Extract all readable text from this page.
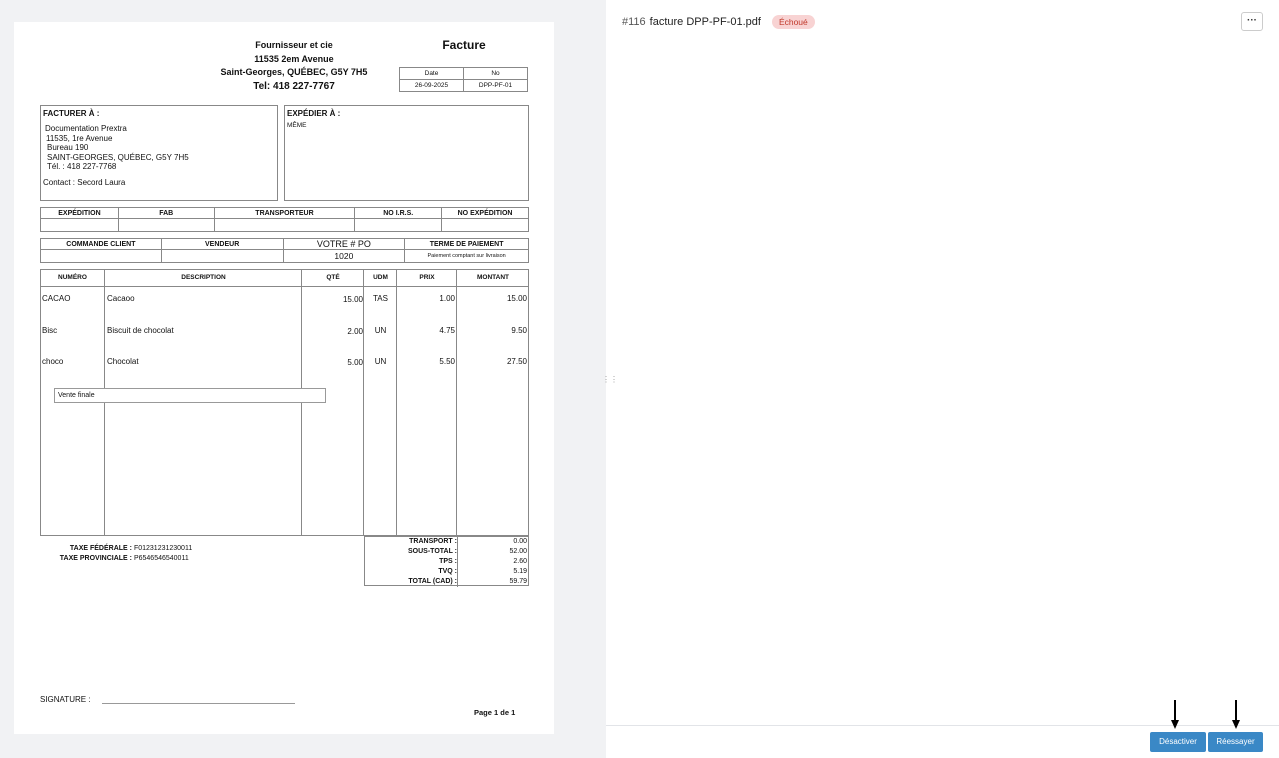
Fournisseur et cie
11535 2em Avenue
Saint-Georges, QUÉBEC, G5Y 7H5
Tel: 418 227-7767
Facture
Date	No
26-09-2025	DPP-PF-01
FACTURER À :
Documentation Prextra
11535, 1re Avenue
Bureau 190
SAINT-GEORGES, QUÉBEC, G5Y 7H5
Tél. : 418 227-7768
Contact : Secord Laura
EXPÉDIER À :
MÊME
EXPÉDITION	FAB	TRANSPORTEUR	NO I.R.S.	NO EXPÉDITION

COMMANDE CLIENT	VENDEUR	VOTRE # PO	TERME DE PAIEMENT
		1020	Paiement comptant sur livraison
NUMÉRO	DESCRIPTION	QTÉ	UDM	PRIX	MONTANT
CACAO	Cacaoo	15.00	TAS	1.00	15.00
Bisc	Biscuit de chocolat	2.00	UN	4.75	9.50
choco	Chocolat	5.00	UN	5.50	27.50
Vente finale
TAXE FÉDÉRALE : F01231231230011
TAXE PROVINCIALE : P6546546540011
TRANSPORT :	0.00
SOUS-TOTAL :	52.00
TPS :	2.60
TVQ :	5.19
TOTAL (CAD) :	59.79
SIGNATURE :
Page 1 de 1
⋮⋮
#116 facture DPP-PF-01.pdf	Échoué	···
Désactiver	Réessayer
